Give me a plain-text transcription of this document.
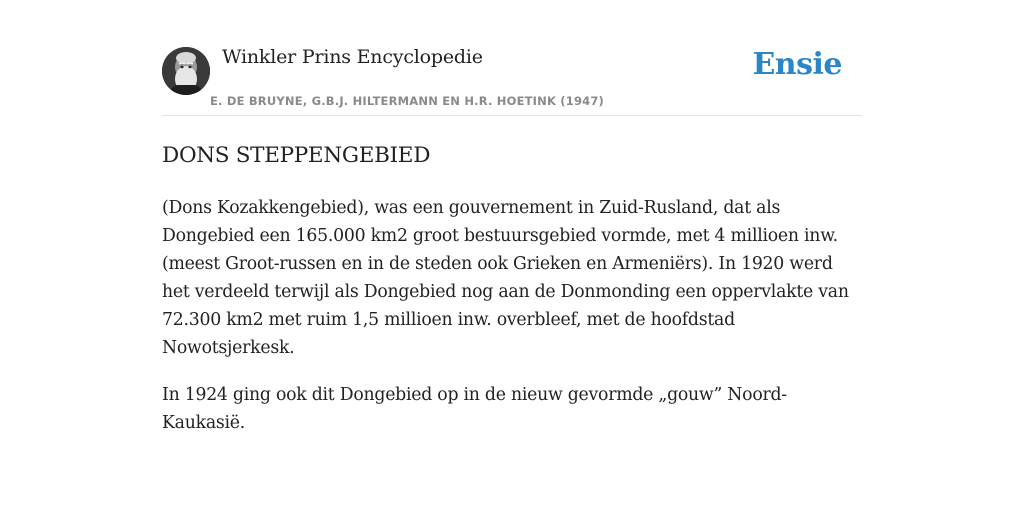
Winkler Prins Encyclopedie
E. DE BRUYNE, G.B.J. HILTERMANN EN H.R. HOETINK (1947)
Ensie
DONS STEPPENGEBIED

(Dons Kozakkengebied), was een gouvernement in Zuid-Rusland, dat als Dongebied een 165.000 km2 groot bestuursgebied vormde, met 4 millioen inw. (meest Groot-russen en in de steden ook Grieken en Armeniërs). In 1920 werd het verdeeld terwijl als Dongebied nog aan de Donmonding een oppervlakte van 72.300 km2 met ruim 1,5 millioen inw. overbleef, met de hoofdstad Nowotsjerkesk.

In 1924 ging ook dit Dongebied op in de nieuw gevormde „gouw” Noord-Kaukasië.
